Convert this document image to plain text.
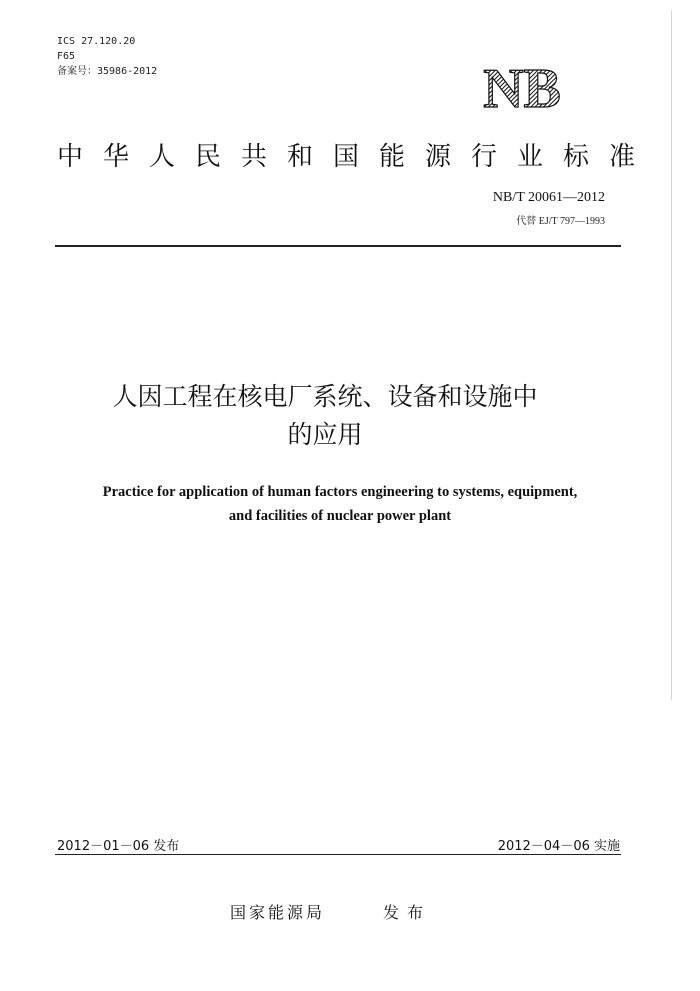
ICS 27.120.20
F65
备案号：35986-2012	NB
中华人民共和国能源行业标准
NB/T 20061—2012
代替 EJ/T 797—1993
人因工程在核电厂系统、设备和设施中
的应用
Practice for application of human factors engineering to systems, equipment,
and facilities of nuclear power plant
2012－01－06 发布	2012－04－06 实施
国家能源局	发布
